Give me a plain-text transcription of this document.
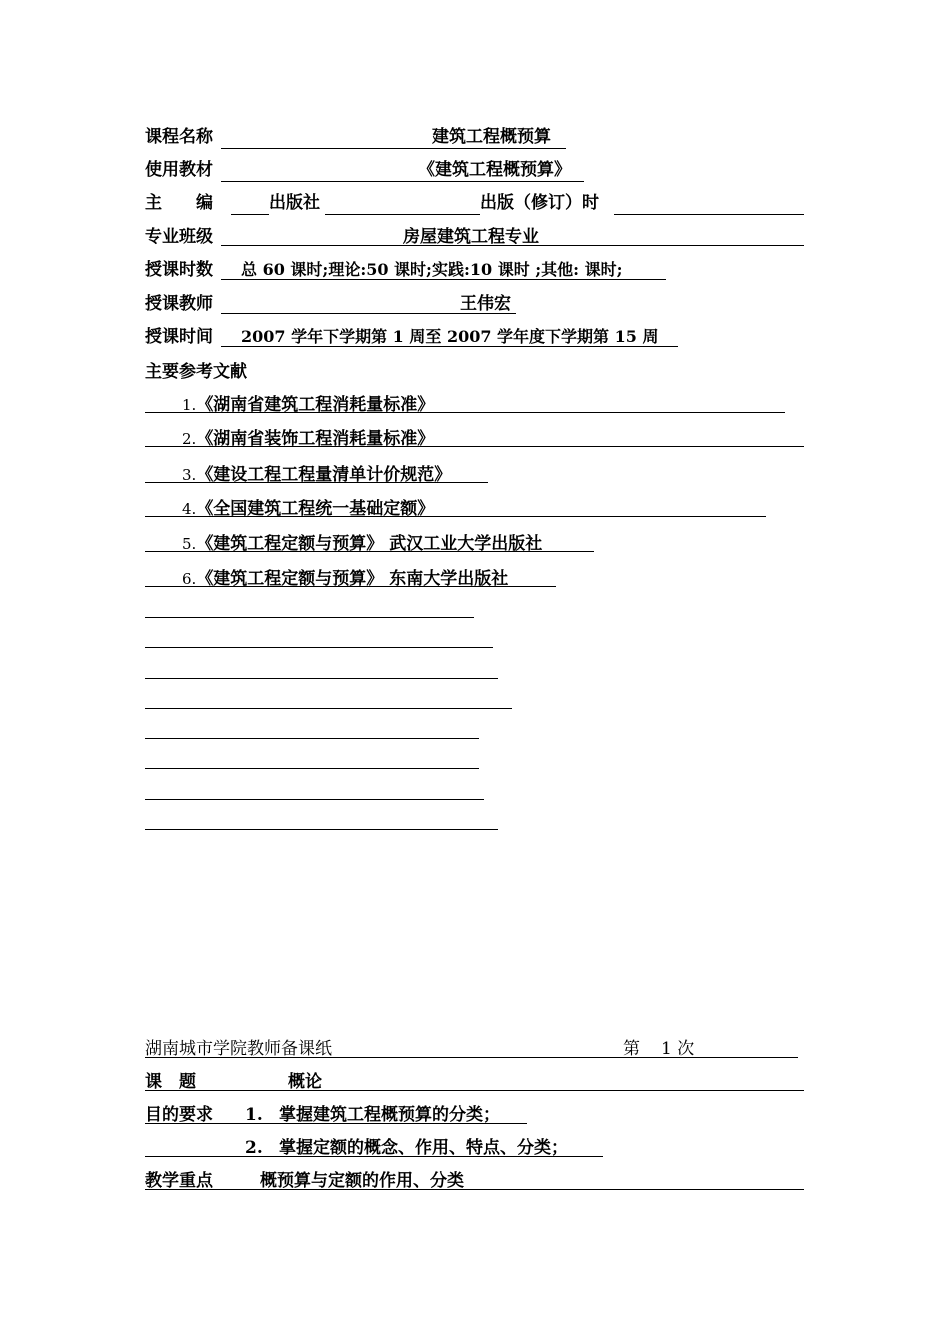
课程名称	建筑工程概预算
使用教材	《建筑工程概预算》
主　　编	出版社	出版（修订）时
专业班级	房屋建筑工程专业
授课时数 总 60 课时;理论:50 课时;实践:10 课时 ;其他: 课时;
授课教师	王伟宏
授课时间 2007 学年下学期第 1 周至 2007 学年度下学期第 15 周
主要参考文献
1.《湖南省建筑工程消耗量标准》
2.《湖南省装饰工程消耗量标准》
3.《建设工程工程量清单计价规范》
4.《全国建筑工程统一基础定额》
5.《建筑工程定额与预算》 武汉工业大学出版社
6.《建筑工程定额与预算》 东南大学出版社
湖南城市学院教师备课纸	第 1 次
课　题	概论
目的要求 1. 掌握建筑工程概预算的分类；
2. 掌握定额的概念、作用、特点、分类；
教学重点	概预算与定额的作用、分类
